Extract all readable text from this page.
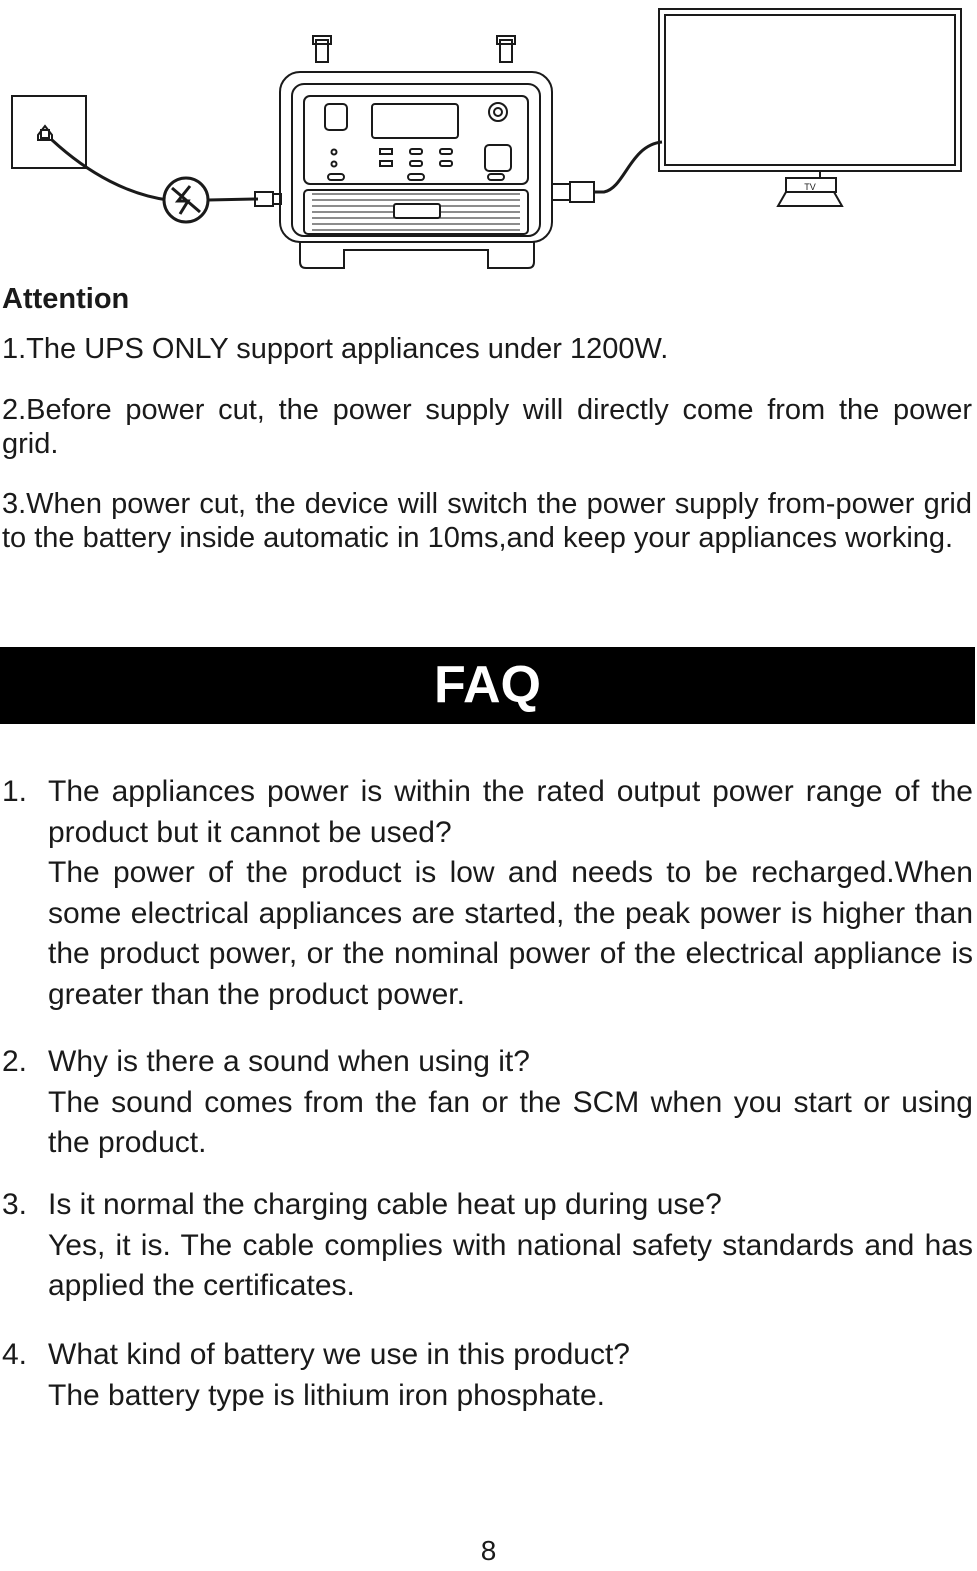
TV

Attention

1.The UPS ONLY support appliances under 1200W.

2.Before power cut, the power supply will directly come from the power grid.

3.When power cut, the device will switch the power supply from-power grid to the battery inside automatic in 10ms,and keep your appliances working.

FAQ
1. The appliances power is within the rated output power range of the product but it cannot be used?
The power of the product is low and needs to be recharged.When some electrical appliances are started, the peak power is higher than the product power, or the nominal power of the electrical appliance is greater than the product power.
2. Why is there a sound when using it?
The sound comes from the fan or the SCM when you start or using the product.
3. Is it normal the charging cable heat up during use?
Yes, it is. The cable complies with national safety standards and has applied the certificates.
4. What kind of battery we use in this product?
The battery type is lithium iron phosphate.
8
